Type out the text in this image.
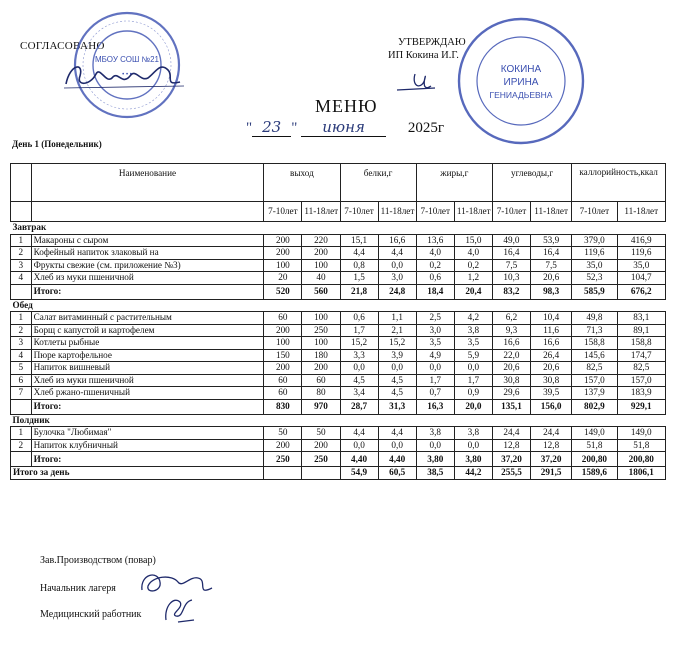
СОГЛАСОВАНО
МБОУ СОШ №21
• • •
УТВЕРЖДАЮ
ИП Кокина И.Г.
КОКИНА
ИРИНА
ГЕНИАДЬЕВНА
МЕНЮ
" 23 " июня	2025г
День 1 (Понедельник)
	Наименование	выход		белки,г		жиры,г		углеводы,г		каллорийность,ккал	
		7-10лет	11-18лет	7-10лет	11-18лет	7-10лет	11-18лет	7-10лет	11-18лет	7-10лет	11-18лет
Завтрак											
1	Макароны с сыром	200	220	15,1	16,6	13,6	15,0	49,0	53,9	379,0	416,9
2	Кофейный напиток злаковый на	200	200	4,4	4,4	4,0	4,0	16,4	16,4	119,6	119,6
3	Фрукты свежие (см. приложение №3)	100	100	0,8	0,0	0,2	0,2	7,5	7,5	35,0	35,0
4	Хлеб из муки пшеничной	20	40	1,5	3,0	0,6	1,2	10,3	20,6	52,3	104,7
	Итого:	520	560	21,8	24,8	18,4	20,4	83,2	98,3	585,9	676,2
Обед											
1	Салат витаминный с растительным	60	100	0,6	1,1	2,5	4,2	6,2	10,4	49,8	83,1
2	Борщ с капустой и картофелем	200	250	1,7	2,1	3,0	3,8	9,3	11,6	71,3	89,1
3	Котлеты рыбные	100	100	15,2	15,2	3,5	3,5	16,6	16,6	158,8	158,8
4	Пюре картофельное	150	180	3,3	3,9	4,9	5,9	22,0	26,4	145,6	174,7
5	Напиток вишневый	200	200	0,0	0,0	0,0	0,0	20,6	20,6	82,5	82,5
6	Хлеб из муки пшеничной	60	60	4,5	4,5	1,7	1,7	30,8	30,8	157,0	157,0
7	Хлеб ржано-пшеничный	60	80	3,4	4,5	0,7	0,9	29,6	39,5	137,9	183,9
	Итого:	830	970	28,7	31,3	16,3	20,0	135,1	156,0	802,9	929,1
Полдник											
1	Булочка "Любимая"	50	50	4,4	4,4	3,8	3,8	24,4	24,4	149,0	149,0
2	Напиток клубничный	200	200	0,0	0,0	0,0	0,0	12,8	12,8	51,8	51,8
	Итого:	250	250	4,40	4,40	3,80	3,80	37,20	37,20	200,80	200,80
Итого за день				54,9	60,5	38,5	44,2	255,5	291,5	1589,6	1806,1
Зав.Производством (повар)
Начальник лагеря
Медицинский работник
